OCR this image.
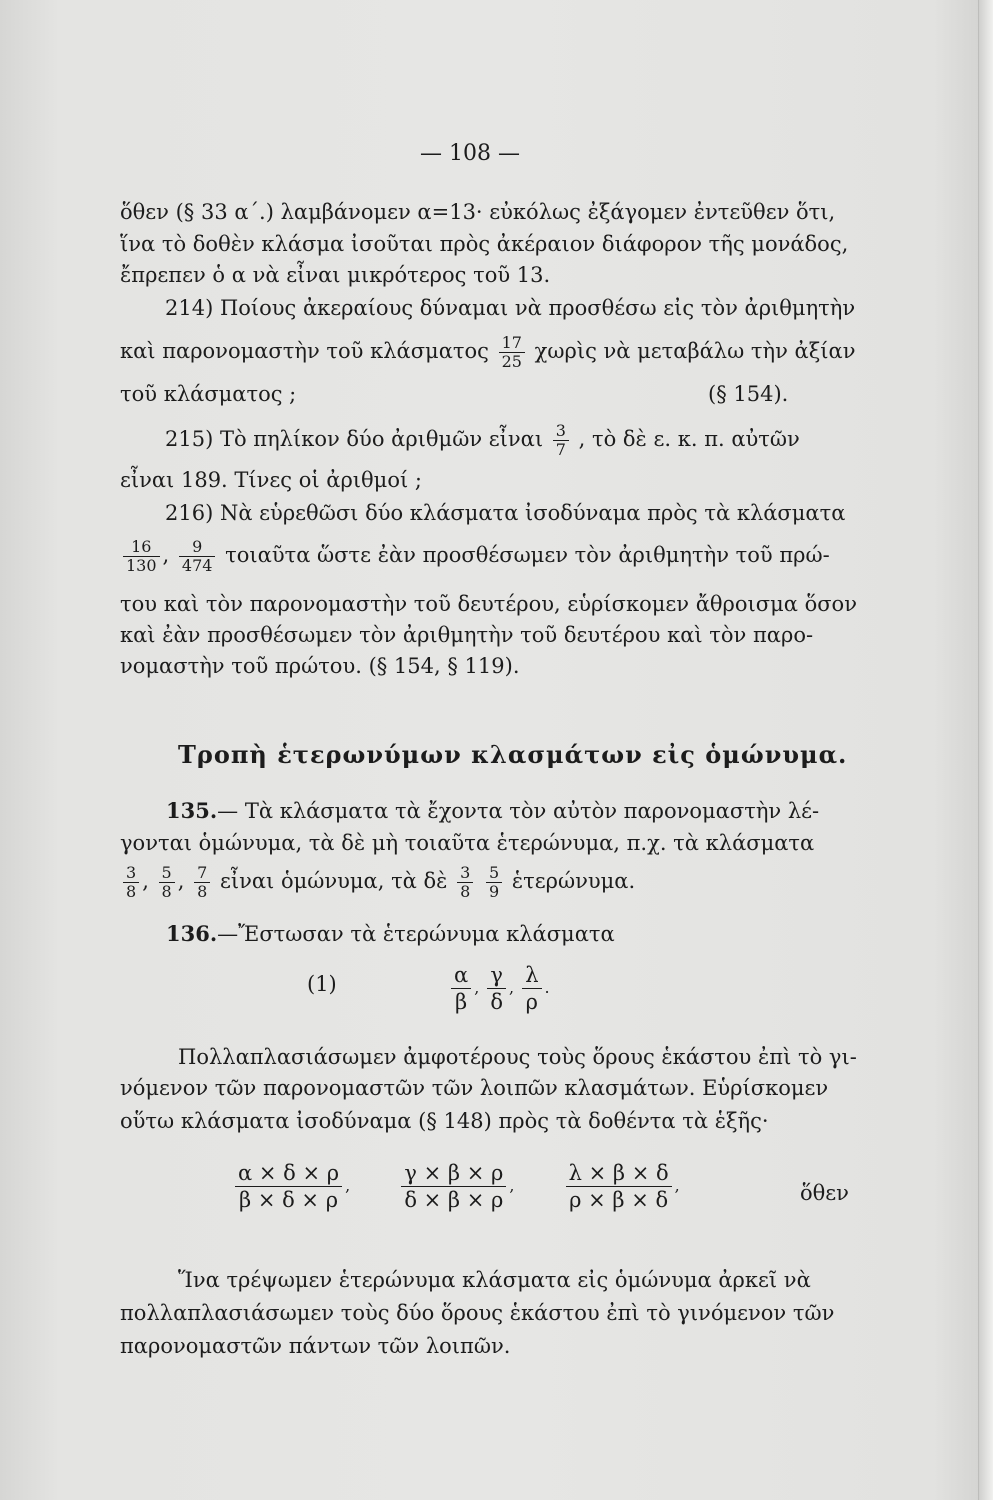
— 108 —
ὅθεν (§ 33 α΄.) λαμβάνομεν α=13· εὐκόλως ἐξάγομεν ἐντεῦθεν ὅτι,
ἵνα τὸ δοθὲν κλάσμα ἰσοῦται πρὸς ἀκέραιον διάφορον τῆς μονάδος,
ἔπρεπεν ὁ α νὰ εἶναι μικρότερος τοῦ 13.
214) Ποίους ἀκεραίους δύναμαι νὰ προσθέσω εἰς τὸν ἀριθμητὴν
καὶ παρονομαστὴν τοῦ κλάσματος $\frac{17}{25}$ χωρὶς νὰ μεταβάλω τὴν ἀξίαν
τοῦ κλάσματος ;	(§ 154).
215) Τὸ πηλίκον δύο ἀριθμῶν εἶναι $\frac{3}{7}$ , τὸ δὲ ε. κ. π. αὐτῶν
εἶναι 189. Τίνες οἱ ἀριθμοί ;
216) Νὰ εὑρεθῶσι δύο κλάσματα ἰσοδύναμα πρὸς τὰ κλάσματα
$\frac{16}{130}$ , $\frac{9}{474}$ τοιαῦτα ὥστε ἐὰν προσθέσωμεν τὸν ἀριθμητὴν τοῦ πρώ-
του καὶ τὸν παρονομαστὴν τοῦ δευτέρου, εὑρίσκομεν ἄθροισμα ὅσον
καὶ ἐὰν προσθέσωμεν τὸν ἀριθμητὴν τοῦ δευτέρου καὶ τὸν παρο-
νομαστὴν τοῦ πρώτου. (§ 154, § 119).
Τροπὴ ἑτερωνύμων κλασμάτων εἰς ὁμώνυμα.
135.— Τὰ κλάσματα τὰ ἔχοντα τὸν αὐτὸν παρονομαστὴν λέ-
γονται ὁμώνυμα, τὰ δὲ μὴ τοιαῦτα ἑτερώνυμα, π.χ. τὰ κλάσματα
$\frac{3}{8}$ , $\frac{5}{8}$ , $\frac{7}{8}$ εἶναι ὁμώνυμα, τὰ δὲ $\frac{3}{8}$
$\frac{5}{9}$ ἑτερώνυμα.
136.—Ἔστωσαν τὰ ἑτερώνυμα κλάσματα
(1)	$\frac{\alpha}{\beta}$ , $\frac{\gamma}{\delta}$ , $\frac{\lambda}{\rho}$ .
Πολλαπλασιάσωμεν ἀμφοτέρους τοὺς ὅρους ἑκάστου ἐπὶ τὸ γι-
νόμενον τῶν παρονομαστῶν τῶν λοιπῶν κλασμάτων. Εὑρίσκομεν
οὕτω κλάσματα ἰσοδύναμα (§ 148) πρὸς τὰ δοθέντα τὰ ἑξῆς·
$\frac{\alpha \times \delta \times \rho}{\beta \times \delta \times \rho}$ , $\frac{\gamma \times \beta \times \rho}{\delta \times \beta \times \rho}$ , $\frac{\lambda \times \beta \times \delta}{\rho \times \beta \times \delta}$ ,	ὅθεν
Ἵνα τρέψωμεν ἑτερώνυμα κλάσματα εἰς ὁμώνυμα ἀρκεῖ νὰ
πολλαπλασιάσωμεν τοὺς δύο ὅρους ἑκάστου ἐπὶ τὸ γινόμενον τῶν
παρονομαστῶν πάντων τῶν λοιπῶν.
